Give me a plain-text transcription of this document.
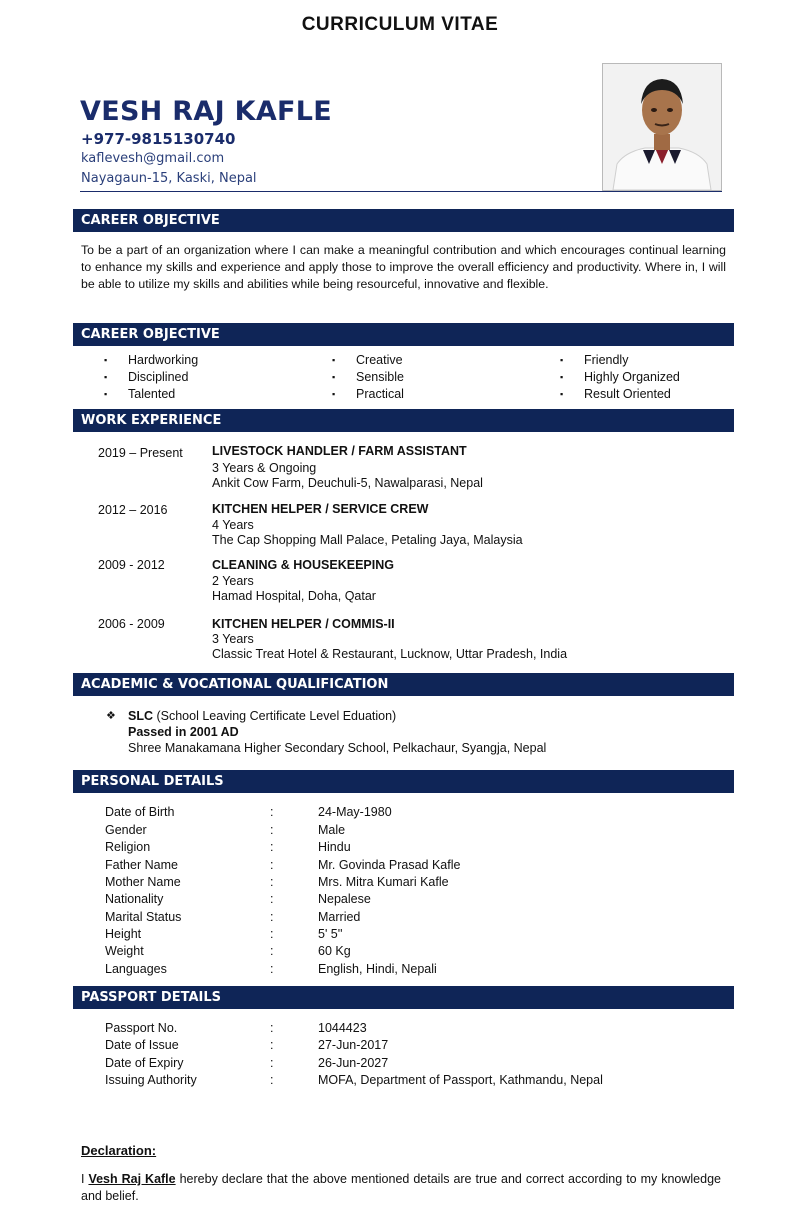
CURRICULUM VITAE
VESH RAJ KAFLE
+977-9815130740
kaflevesh@gmail.com
Nayagaun-15, Kaski, Nepal
CAREER OBJECTIVE
To be a part of an organization where I can make a meaningful contribution and which encourages continual learning to enhance my skills and experience and apply those to improve the overall efficiency and productivity. Where in, I will be able to utilize my skills and abilities while being resourceful, innovative and flexible.
CAREER OBJECTIVE
▪ Hardworking
▪ Disciplined
▪ Talented
▪ Creative
▪ Sensible
▪ Practical
▪ Friendly
▪ Highly Organized
▪ Result Oriented
WORK EXPERIENCE
2019 – Present LIVESTOCK HANDLER / FARM ASSISTANT
3 Years & Ongoing
Ankit Cow Farm, Deuchuli-5, Nawalparasi, Nepal
2012 – 2016	KITCHEN HELPER / SERVICE CREW
4 Years
The Cap Shopping Mall Palace, Petaling Jaya, Malaysia
2009 - 2012	CLEANING & HOUSEKEEPING
2 Years
Hamad Hospital, Doha, Qatar
2006 - 2009	KITCHEN HELPER / COMMIS-II
3 Years
Classic Treat Hotel & Restaurant, Lucknow, Uttar Pradesh, India
ACADEMIC & VOCATIONAL QUALIFICATION
❖ SLC (School Leaving Certificate Level Eduation)
Passed in 2001 AD
Shree Manakamana Higher Secondary School, Pelkachaur, Syangja, Nepal
PERSONAL DETAILS
Date of Birth	:	24-May-1980
Gender	:	Male
Religion	:	Hindu
Father Name	:	Mr. Govinda Prasad Kafle
Mother Name	:	Mrs. Mitra Kumari Kafle
Nationality	:	Nepalese
Marital Status	:	Married
Height	:	5' 5''
Weight	:	60 Kg
Languages	:	English, Hindi, Nepali
PASSPORT DETAILS
Passport No.	:	1044423
Date of Issue	:	27-Jun-2017
Date of Expiry	:	26-Jun-2027
Issuing Authority	:	MOFA, Department of Passport, Kathmandu, Nepal
Declaration:
I Vesh Raj Kafle hereby declare that the above mentioned details are true and correct according to my knowledge and belief.
